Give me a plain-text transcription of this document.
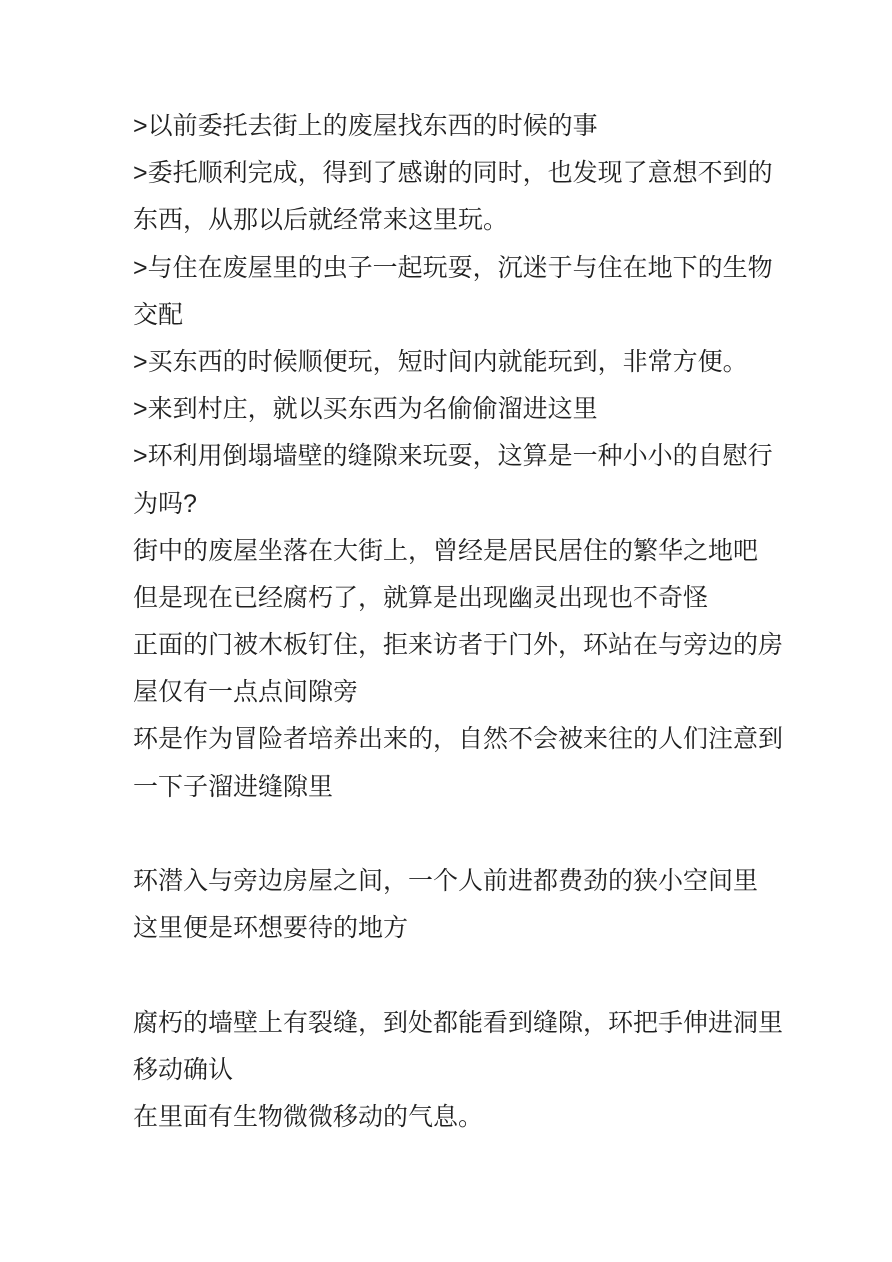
>以前委托去街上的废屋找东西的时候的事
>委托顺利完成，得到了感谢的同时，也发现了意想不到的
东西，从那以后就经常来这里玩。
>与住在废屋里的虫子一起玩耍，沉迷于与住在地下的生物
交配
>买东西的时候顺便玩，短时间内就能玩到，非常方便。
>来到村庄，就以买东西为名偷偷溜进这里
>环利用倒塌墙壁的缝隙来玩耍，这算是一种小小的自慰行
为吗?
街中的废屋坐落在大街上，曾经是居民居住的繁华之地吧
但是现在已经腐朽了，就算是出现幽灵出现也不奇怪
正面的门被木板钉住，拒来访者于门外，环站在与旁边的房
屋仅有一点点间隙旁
环是作为冒险者培养出来的，自然不会被来往的人们注意到
一下子溜进缝隙里

环潜入与旁边房屋之间，一个人前进都费劲的狭小空间里
这里便是环想要待的地方

腐朽的墙壁上有裂缝，到处都能看到缝隙，环把手伸进洞里
移动确认
在里面有生物微微移动的气息。
